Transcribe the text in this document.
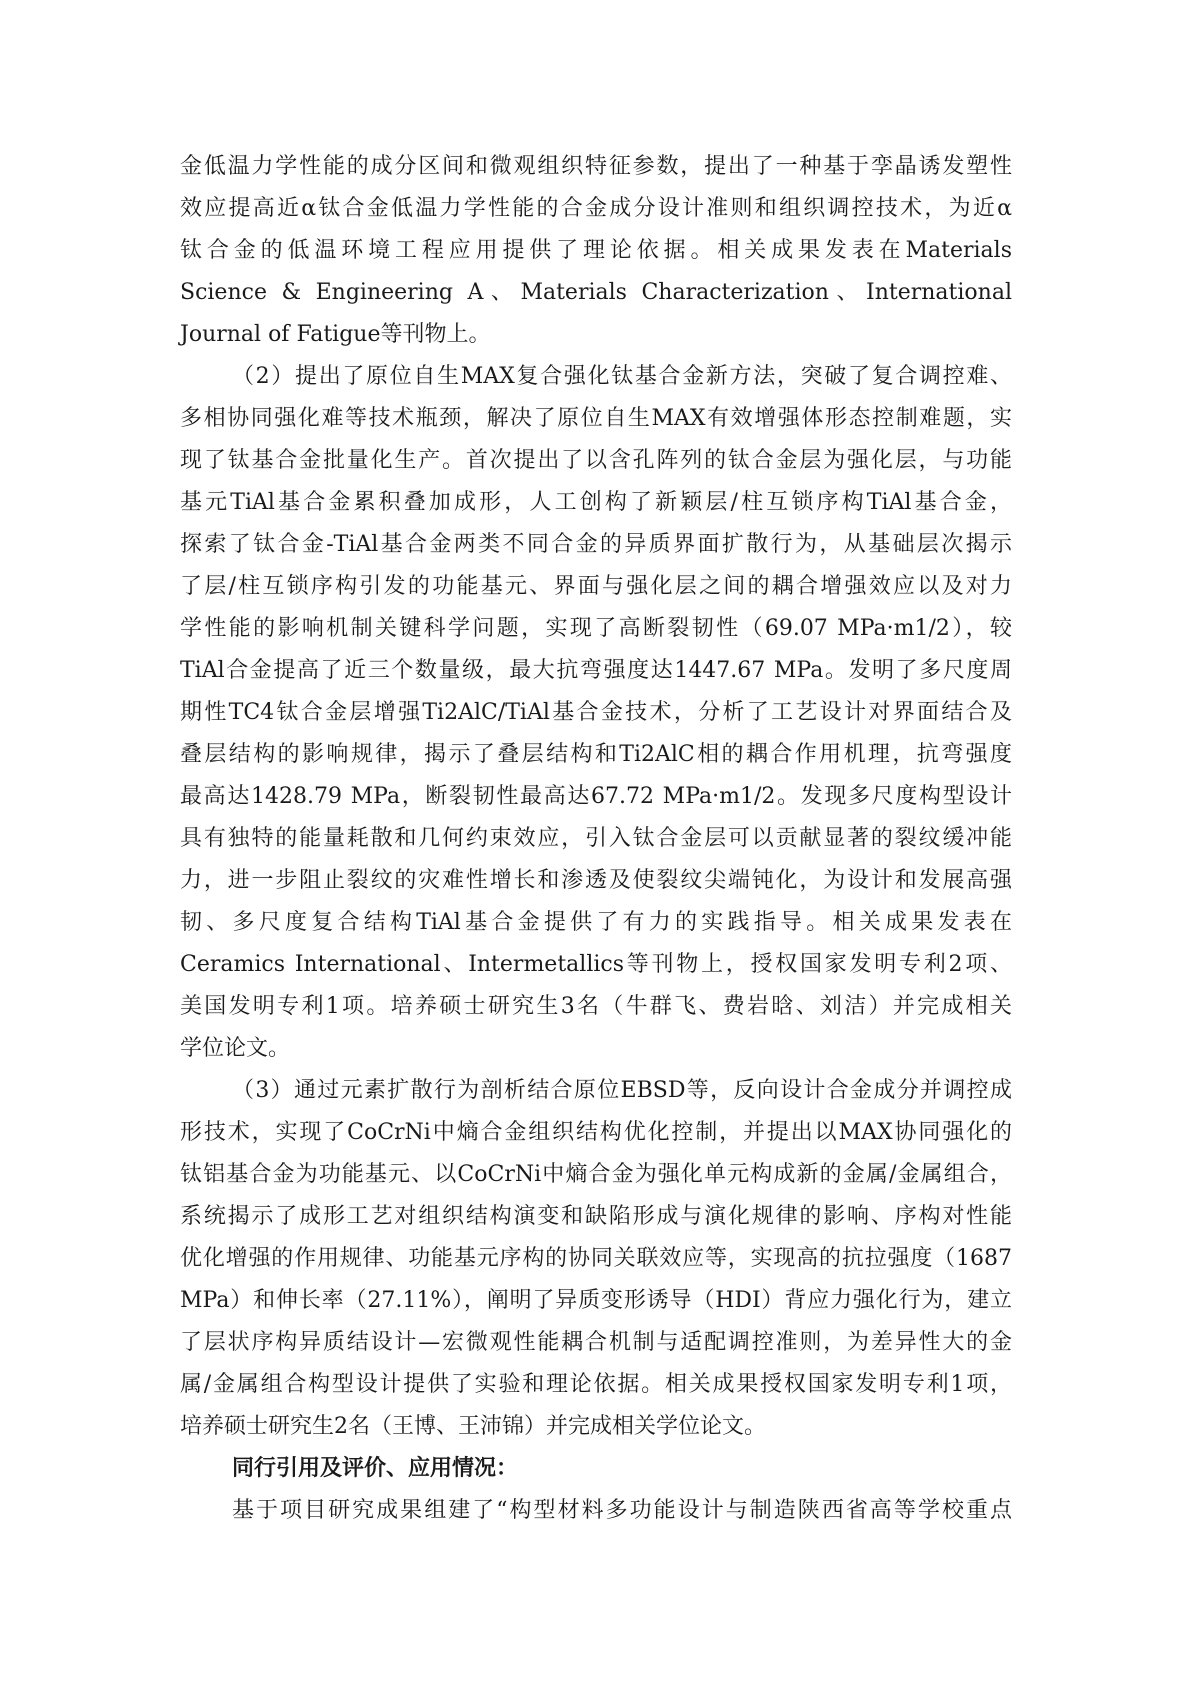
金低温力学性能的成分区间和微观组织特征参数，提出了一种基于孪晶诱发塑性
效应提高近α钛合金低温力学性能的合金成分设计准则和组织调控技术，为近α
钛合金的低温环境工程应用提供了理论依据。相关成果发表在Materials
Science & Engineering A、Materials Characterization、International
Journal of Fatigue等刊物上。
（2）提出了原位自生MAX复合强化钛基合金新方法，突破了复合调控难、
多相协同强化难等技术瓶颈，解决了原位自生MAX有效增强体形态控制难题，实
现了钛基合金批量化生产。首次提出了以含孔阵列的钛合金层为强化层，与功能
基元TiAl基合金累积叠加成形，人工创构了新颖层/柱互锁序构TiAl基合金，
探索了钛合金-TiAl基合金两类不同合金的异质界面扩散行为，从基础层次揭示
了层/柱互锁序构引发的功能基元、界面与强化层之间的耦合增强效应以及对力
学性能的影响机制关键科学问题，实现了高断裂韧性（69.07 MPa·m1/2），较
TiAl合金提高了近三个数量级，最大抗弯强度达1447.67 MPa。发明了多尺度周
期性TC4钛合金层增强Ti2AlC/TiAl基合金技术，分析了工艺设计对界面结合及
叠层结构的影响规律，揭示了叠层结构和Ti2AlC相的耦合作用机理，抗弯强度
最高达1428.79 MPa，断裂韧性最高达67.72 MPa·m1/2。发现多尺度构型设计
具有独特的能量耗散和几何约束效应，引入钛合金层可以贡献显著的裂纹缓冲能
力，进一步阻止裂纹的灾难性增长和渗透及使裂纹尖端钝化，为设计和发展高强
韧、多尺度复合结构TiAl基合金提供了有力的实践指导。相关成果发表在
Ceramics International、Intermetallics等刊物上，授权国家发明专利2项、
美国发明专利1项。培养硕士研究生3名（牛群飞、费岩晗、刘洁）并完成相关
学位论文。
（3）通过元素扩散行为剖析结合原位EBSD等，反向设计合金成分并调控成
形技术，实现了CoCrNi中熵合金组织结构优化控制，并提出以MAX协同强化的
钛铝基合金为功能基元、以CoCrNi中熵合金为强化单元构成新的金属/金属组合，
系统揭示了成形工艺对组织结构演变和缺陷形成与演化规律的影响、序构对性能
优化增强的作用规律、功能基元序构的协同关联效应等，实现高的抗拉强度（1687
MPa）和伸长率（27.11%），阐明了异质变形诱导（HDI）背应力强化行为，建立
了层状序构异质结设计—宏微观性能耦合机制与适配调控准则，为差异性大的金
属/金属组合构型设计提供了实验和理论依据。相关成果授权国家发明专利1项，
培养硕士研究生2名（王博、王沛锦）并完成相关学位论文。
同行引用及评价、应用情况：
基于项目研究成果组建了“构型材料多功能设计与制造陕西省高等学校重点
